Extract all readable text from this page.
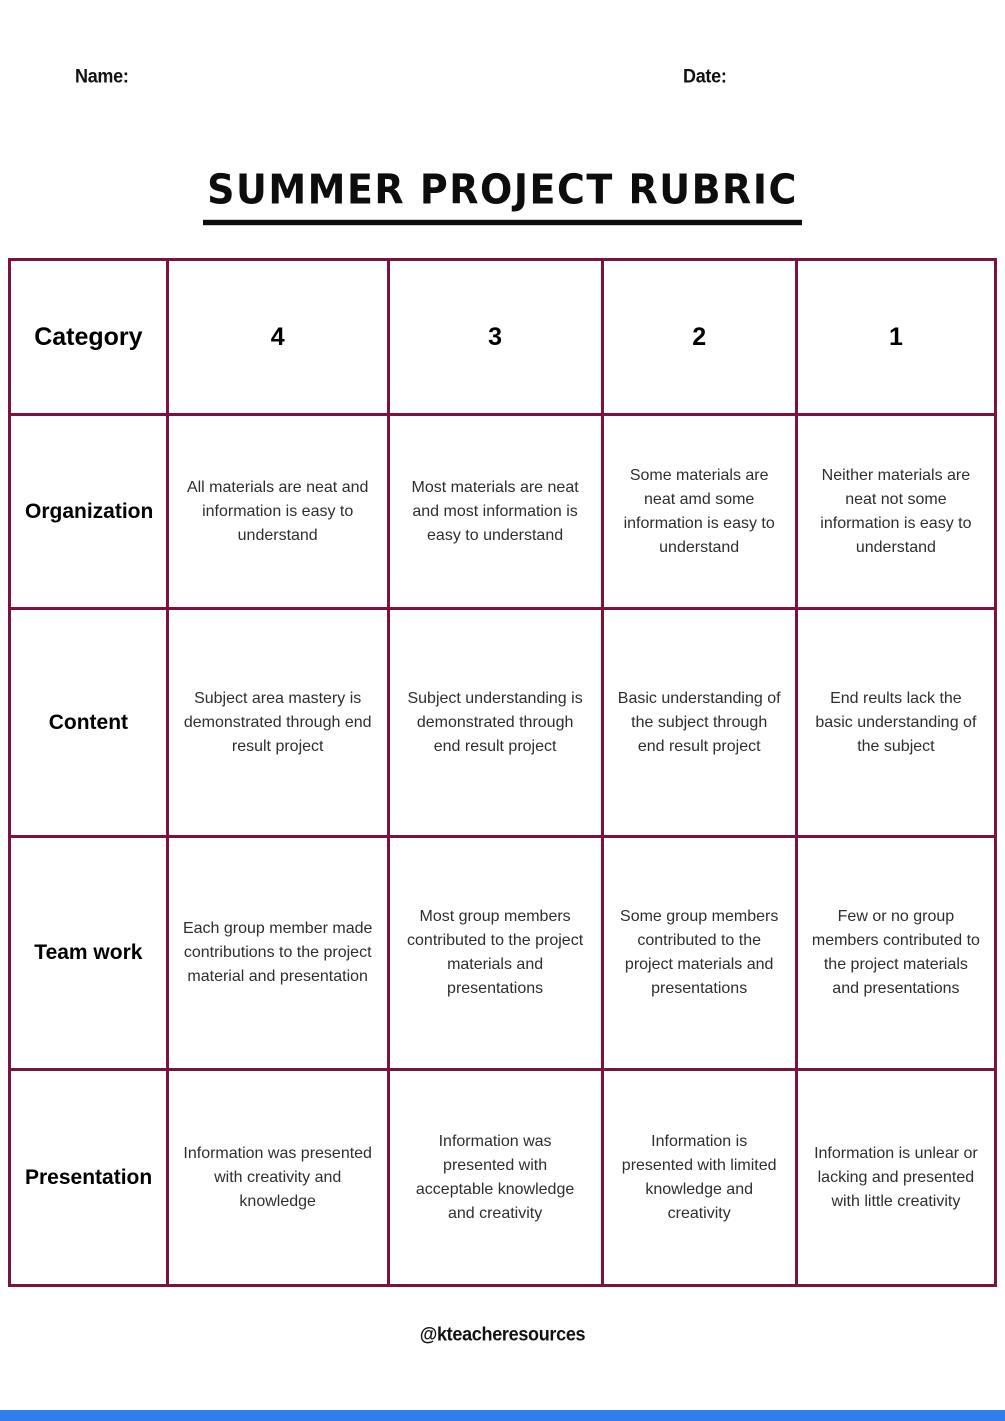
Name:	Date:
SUMMER PROJECT RUBRIC
Category	4	3	2	1
Organization	All materials are neat and information is easy to understand	Most materials are neat and most information is easy to understand	Some materials are neat amd some information is easy to understand	Neither materials are neat not some information is easy to understand
Content	Subject area mastery is demonstrated through end result project	Subject understanding is demonstrated through end result project	Basic understanding of the subject through end result project	End reults lack the basic understanding of the subject
Team work	Each group member made contributions to the project material and presentation	Most group members contributed to the project materials and presentations	Some group members contributed to the project materials and presentations	Few or no group members contributed to the project materials and presentations
Presentation	Information was presented with creativity and knowledge	Information was presented with acceptable knowledge and creativity	Information is presented with limited knowledge and creativity	Information is unlear or lacking and presented with little creativity
@kteacheresources
